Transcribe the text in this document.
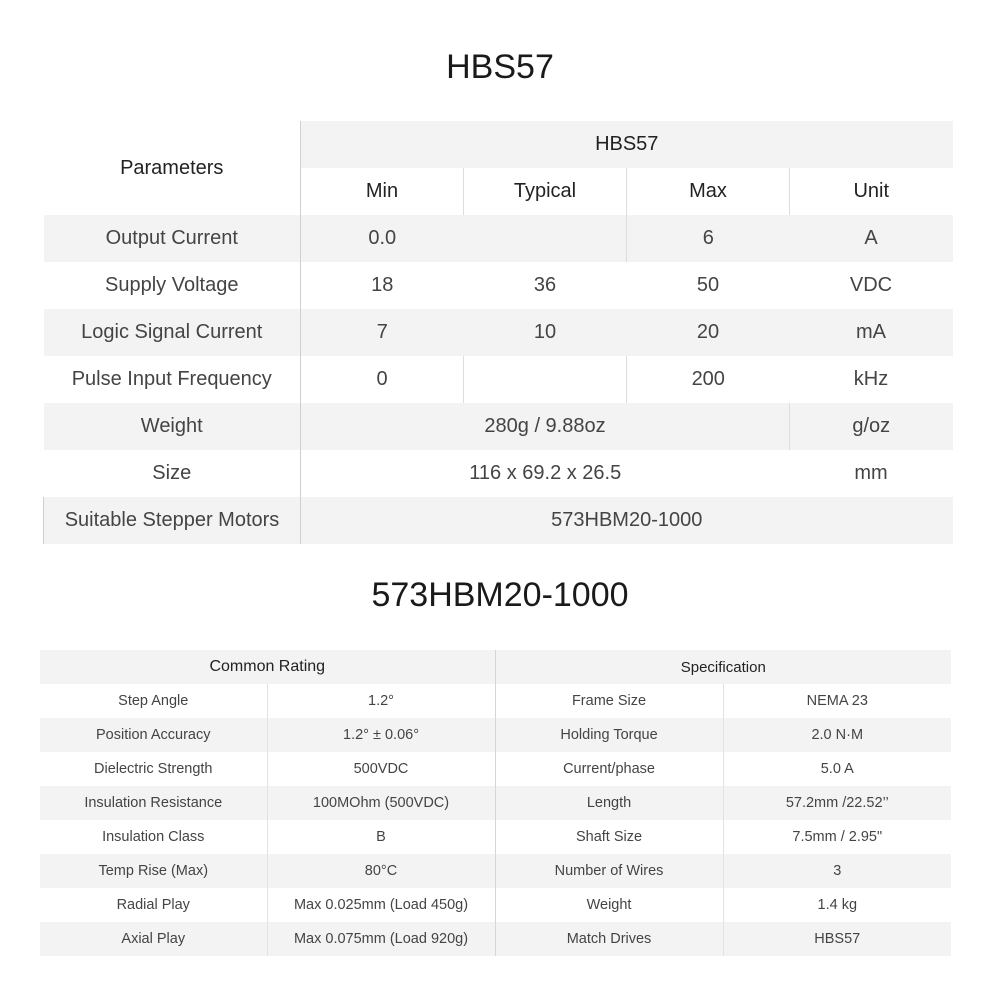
HBS57
Parameters	HBS57			
	Min	Typical	Max	Unit
Output Current	0.0		6	A
Supply Voltage	18	36	50	VDC
Logic Signal Current	7	10	20	mA
Pulse Input Frequency	0		200	kHz
Weight	280g / 9.88oz			g/oz
Size	116 x 69.2 x 26.5			mm
Suitable Stepper Motors	573HBM20-1000			
573HBM20-1000
Common Rating		Specification	
Step Angle	1.2°	Frame Size	NEMA 23
Position Accuracy	1.2° ± 0.06°	Holding Torque	2.0 N·M
Dielectric Strength	500VDC	Current/phase	5.0 A
Insulation Resistance	100MOhm (500VDC)	Length	57.2mm /22.52’’
Insulation Class	B	Shaft Size	7.5mm / 2.95"
Temp Rise (Max)	80°C	Number of Wires	3
Radial Play	Max 0.025mm (Load 450g)	Weight	1.4 kg
Axial Play	Max 0.075mm (Load 920g)	Match Drives	HBS57
